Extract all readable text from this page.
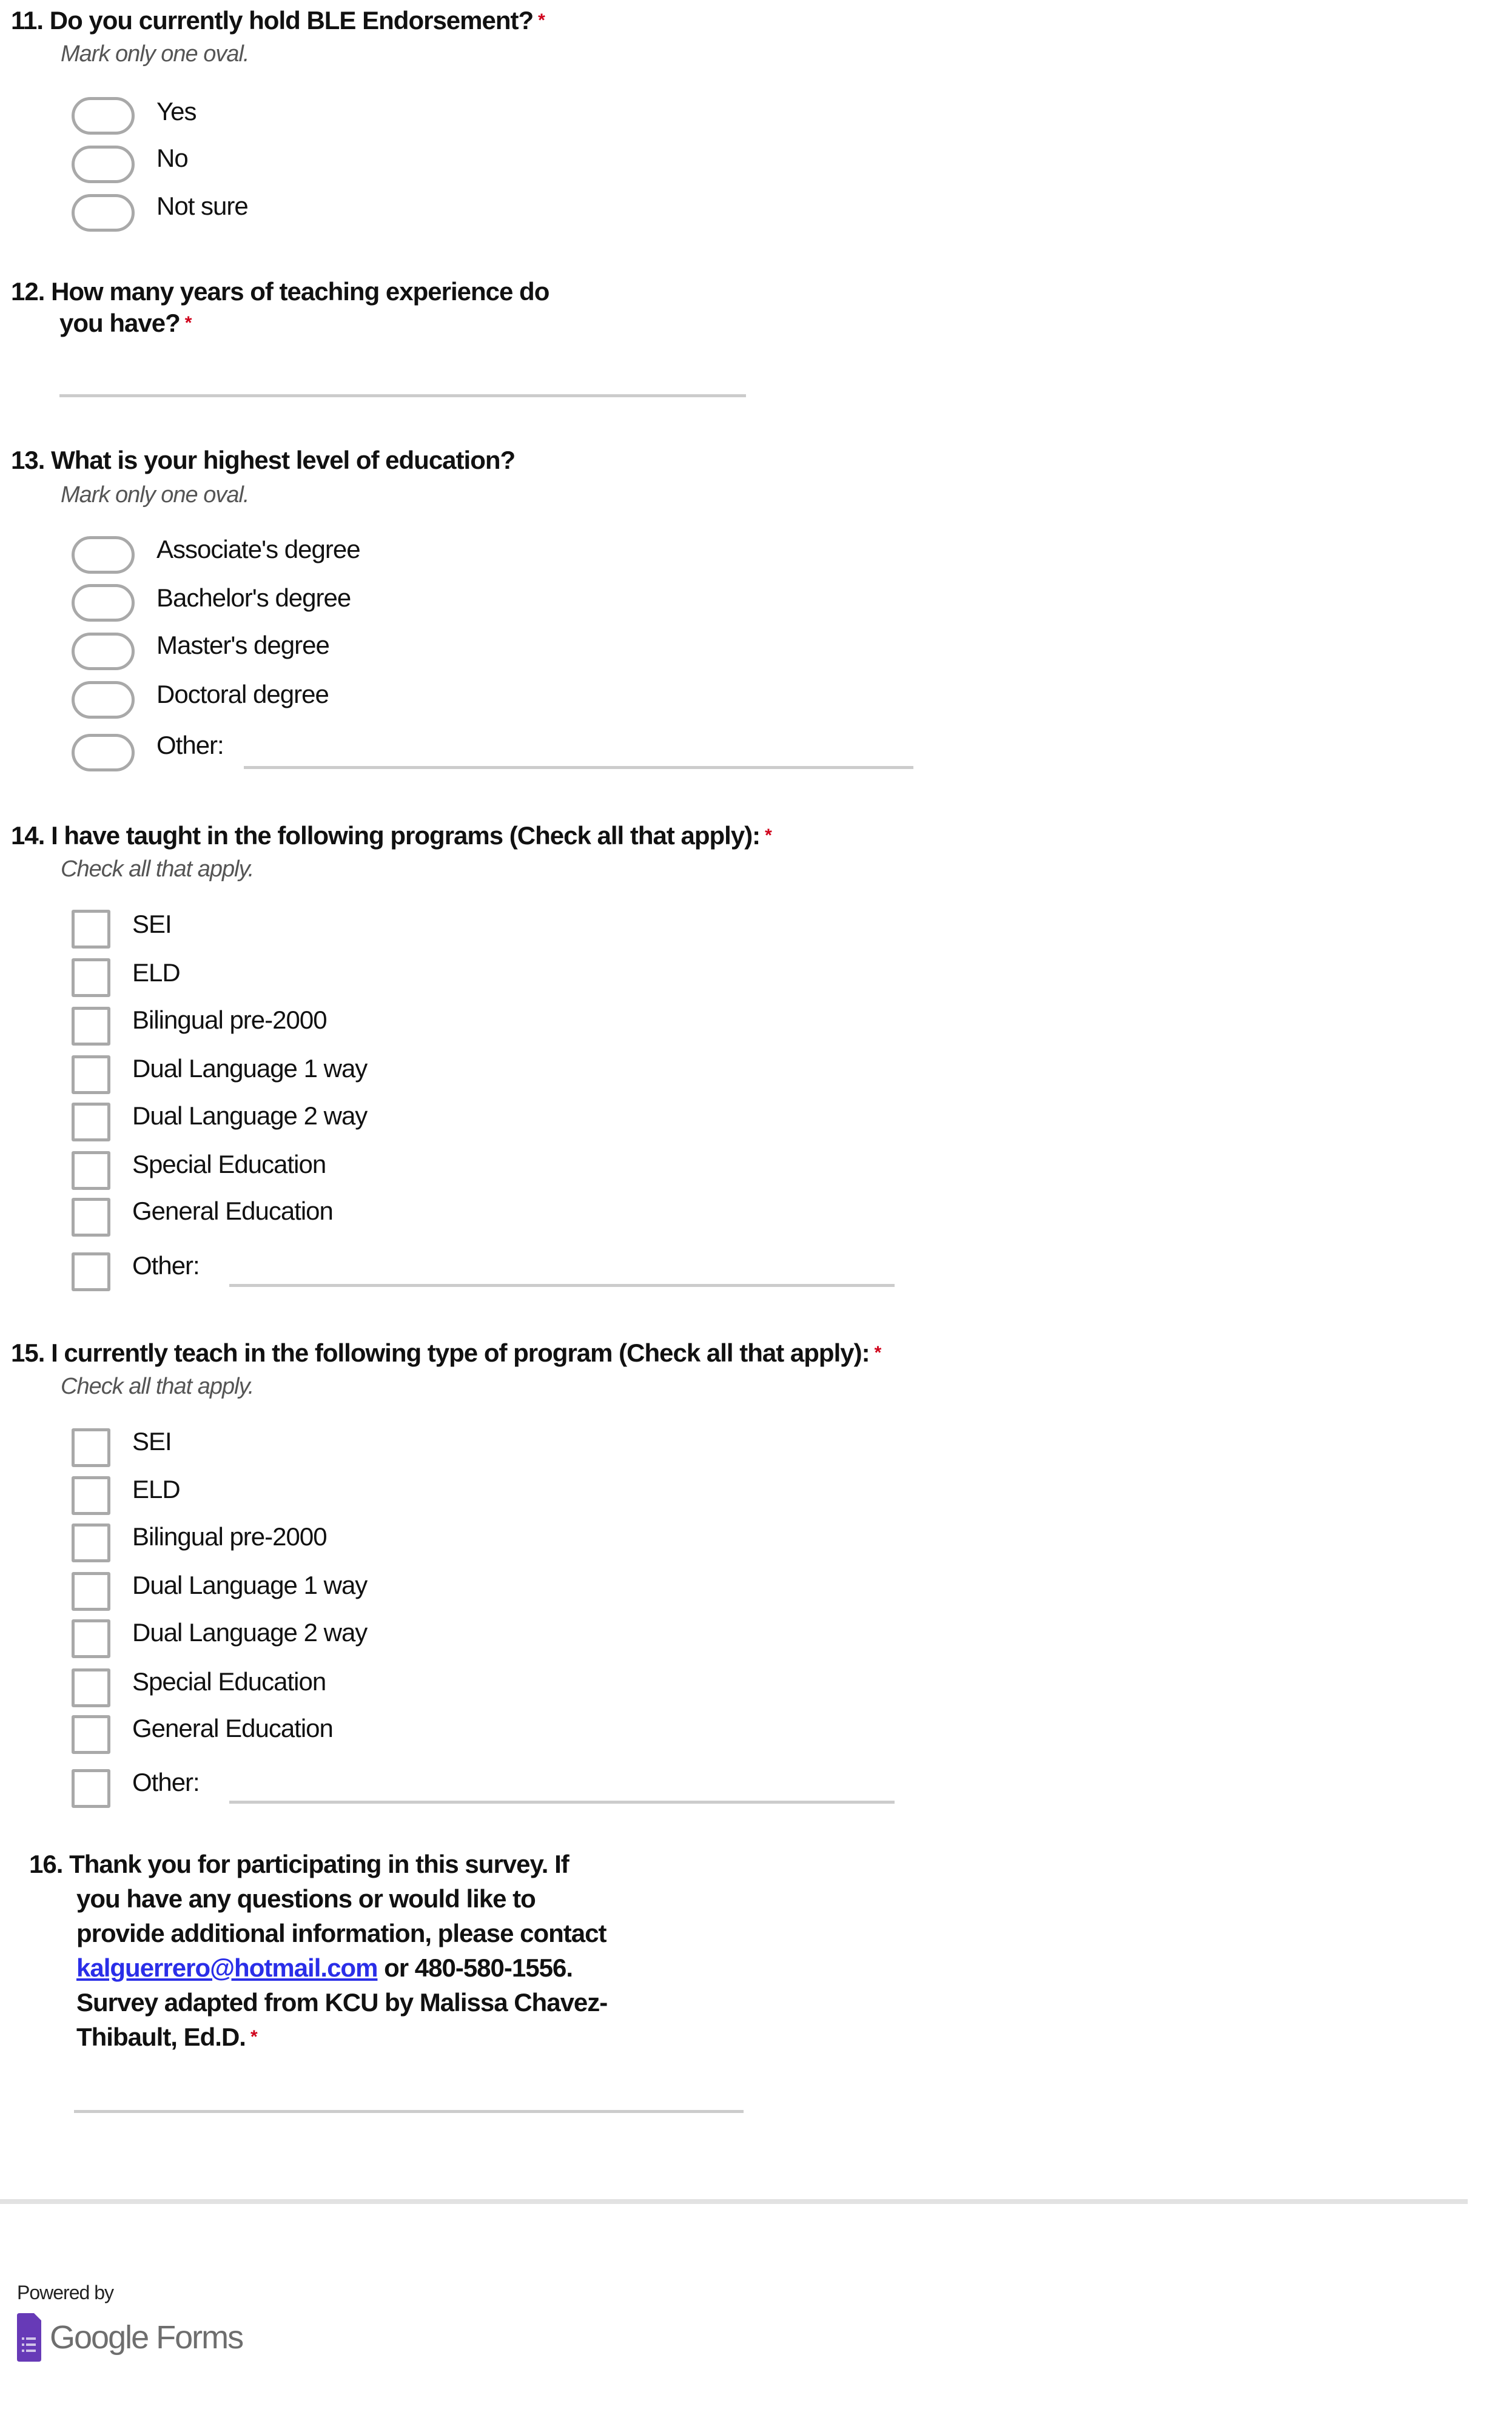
11. Do you currently hold BLE Endorsement? *
Mark only one oval.
Yes
No
Not sure
12. How many years of teaching experience do
you have? *
13. What is your highest level of education?
Mark only one oval.
Associate's degree
Bachelor's degree
Master's degree
Doctoral degree
Other:
14. I have taught in the following programs (Check all that apply): *
Check all that apply.
SEI
ELD
Bilingual pre-2000
Dual Language 1 way
Dual Language 2 way
Special Education
General Education
Other:
15. I currently teach in the following type of program (Check all that apply): *
Check all that apply.
SEI
ELD
Bilingual pre-2000
Dual Language 1 way
Dual Language 2 way
Special Education
General Education
Other:
16. Thank you for participating in this survey. If
you have any questions or would like to
provide additional information, please contact
kalguerrero@hotmail.com or 480-580-1556.
Survey adapted from KCU by Malissa Chavez-
Thibault, Ed.D. *
Powered by
Google Forms
